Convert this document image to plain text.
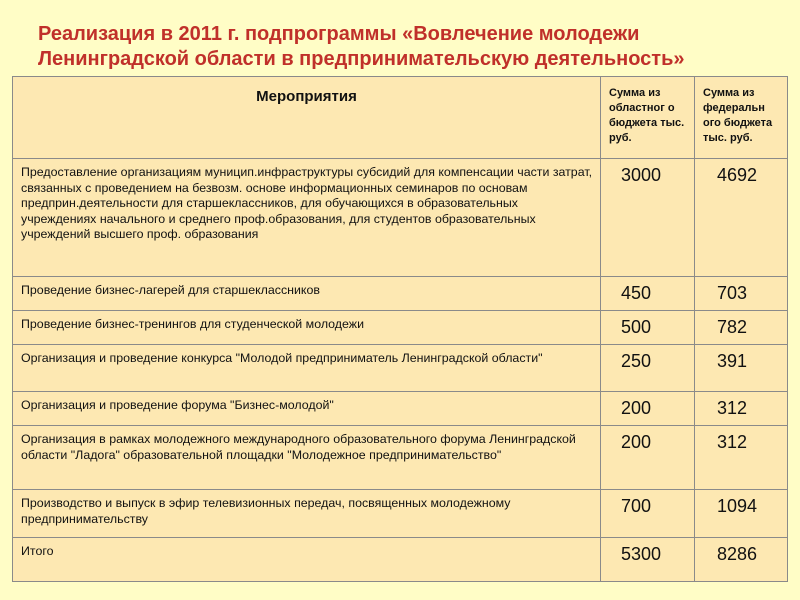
Реализация в 2011 г. подпрограммы «Вовлечение молодежи
Ленинградской области в предпринимательскую деятельность»
Мероприятия	Сумма из областног о бюджета тыс. руб.	Сумма из федеральн ого бюджета тыс. руб.
Предоставление организациям муницип.инфраструктуры субсидий для компенсации части затрат, связанных с проведением на безвозм. основе информационных семинаров по основам предприн.деятельности для старшеклассников, для обучающихся в образовательных учреждениях начального и среднего проф.образования, для студентов образовательных учреждений высшего проф. образования	3000	4692
Проведение бизнес-лагерей для старшеклассников	450	703
Проведение бизнес-тренингов для студенческой молодежи	500	782
Организация и проведение конкурса "Молодой предприниматель Ленинградской области"	250	391
Организация и проведение форума "Бизнес-молодой"	200	312
Организация в рамках молодежного международного образовательного форума Ленинградской области "Ладога" образовательной площадки "Молодежное предпринимательство"	200	312
Производство и выпуск в эфир телевизионных передач, посвященных молодежному предпринимательству	700	1094
Итого	5300	8286
